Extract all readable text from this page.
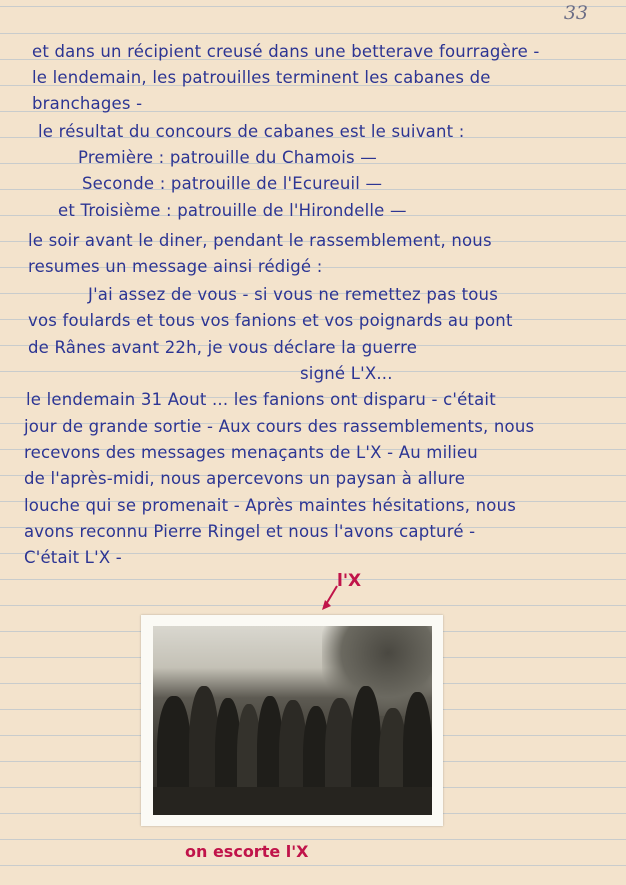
33
et dans un récipient creusé dans une betterave fourragère -
le lendemain, les patrouilles terminent les cabanes de
branchages -
le résultat du concours de cabanes est le suivant :
Première : patrouille du Chamois —
Seconde : patrouille de l'Ecureuil —
et Troisième : patrouille de l'Hirondelle —
le soir avant le diner, pendant le rassemblement, nous
resumes un message ainsi rédigé :
J'ai assez de vous - si vous ne remettez pas tous
vos foulards et tous vos fanions et vos poignards au pont
de Rânes avant 22h, je vous déclare la guerre
signé L'X...
le lendemain 31 Aout ... les fanions ont disparu - c'était
jour de grande sortie - Aux cours des rassemblements, nous
recevons des messages menaçants de L'X - Au milieu
de l'après-midi, nous apercevons un paysan à allure
louche qui se promenait - Après maintes hésitations, nous
avons reconnu Pierre Ringel et nous l'avons capturé -
C'était L'X -
l'X
on escorte l'X
